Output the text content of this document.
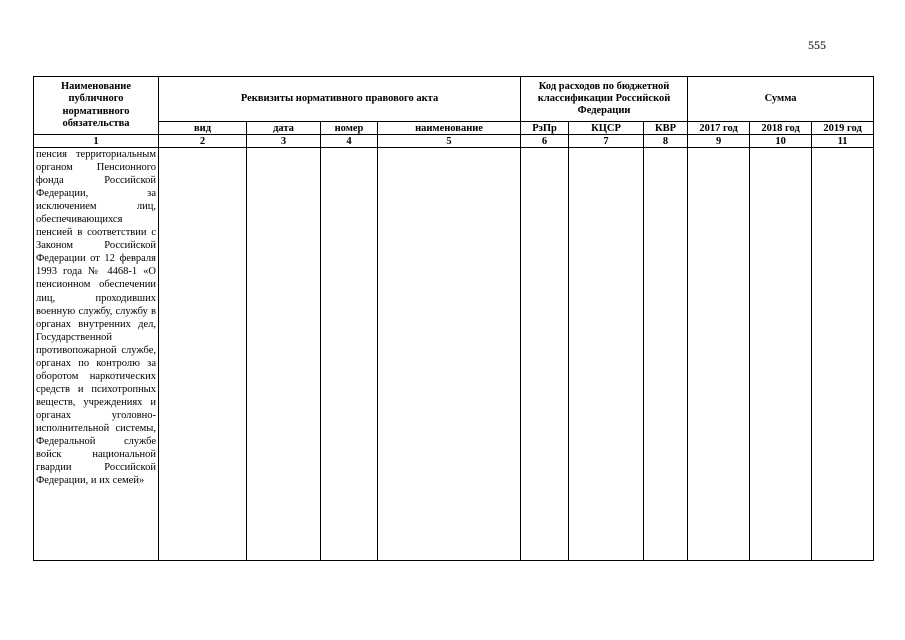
555
Наименование публичного нормативного обязательства	Реквизиты нормативного правового акта				Код расходов по бюджетной классификации Российской Федерации			Сумма		
	вид	дата	номер	наименование	РзПр	КЦСР	КВР	2017 год	2018 год	2019 год
1	2	3	4	5	6	7	8	9	10	11
пенсия территориальным органом Пенсионного фонда Российской Федерации, за исключением лиц, обеспечивающихся пенсией в соответствии с Законом Российской Федерации от 12 февраля 1993 года № 4468-1 «О пенсионном обеспечении лиц, проходивших военную службу, службу в органах внутренних дел, Государственной противопожарной службе, органах по контролю за оборотом наркотических средств и психотропных веществ, учреждениях и органах уголовно-исполнительной системы, Федеральной службе войск национальной гвардии Российской Федерации, и их семей»										
